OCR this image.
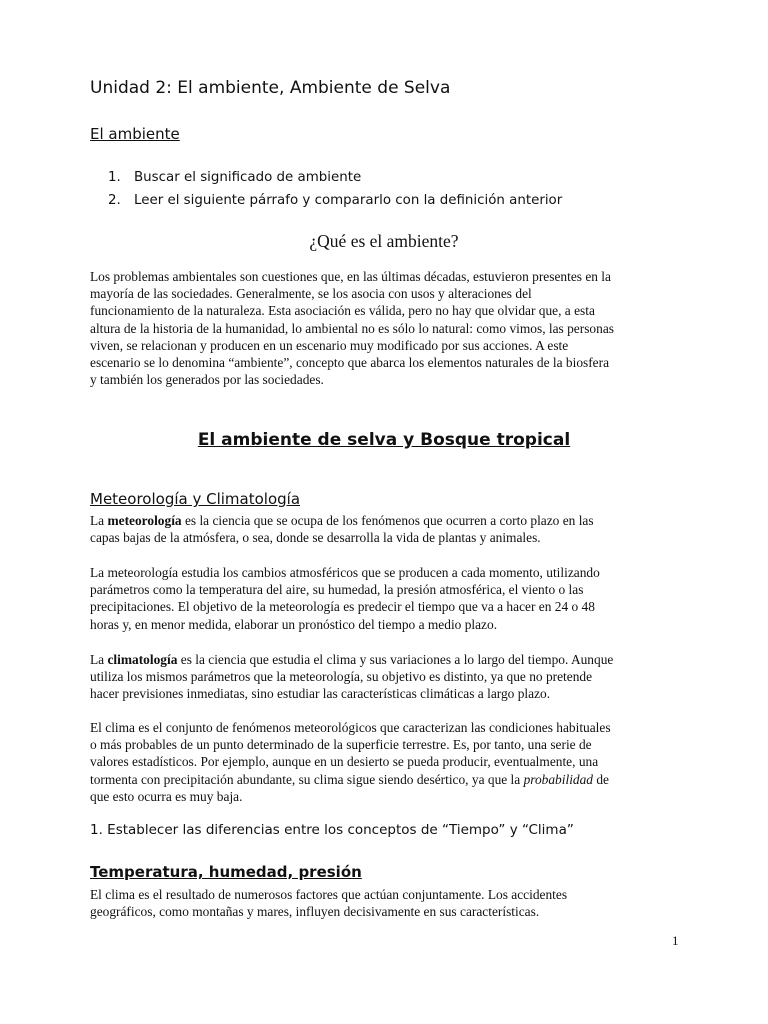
Unidad 2: El ambiente, Ambiente de Selva
El ambiente
1. Buscar el significado de ambiente
2. Leer el siguiente párrafo y compararlo con la definición anterior
¿Qué es el ambiente?

Los problemas ambientales son cuestiones que, en las últimas décadas, estuvieron presentes en la

mayoría de las sociedades. Generalmente, se los asocia con usos y alteraciones del

funcionamiento de la naturaleza. Esta asociación es válida, pero no hay que olvidar que, a esta

altura de la historia de la humanidad, lo ambiental no es sólo lo natural: como vimos, las personas

viven, se relacionan y producen en un escenario muy modificado por sus acciones. A este

escenario se lo denomina “ambiente”, concepto que abarca los elementos naturales de la biosfera

y también los generados por las sociedades.

El ambiente de selva y Bosque tropical
Meteorología y Climatología

La meteorología es la ciencia que se ocupa de los fenómenos que ocurren a corto plazo en las

capas bajas de la atmósfera, o sea, donde se desarrolla la vida de plantas y animales.

La meteorología estudia los cambios atmosféricos que se producen a cada momento, utilizando

parámetros como la temperatura del aire, su humedad, la presión atmosférica, el viento o las

precipitaciones. El objetivo de la meteorología es predecir el tiempo que va a hacer en 24 o 48

horas y, en menor medida, elaborar un pronóstico del tiempo a medio plazo.

La climatología es la ciencia que estudia el clima y sus variaciones a lo largo del tiempo. Aunque

utiliza los mismos parámetros que la meteorología, su objetivo es distinto, ya que no pretende

hacer previsiones inmediatas, sino estudiar las características climáticas a largo plazo.

El clima es el conjunto de fenómenos meteorológicos que caracterizan las condiciones habituales

o más probables de un punto determinado de la superficie terrestre. Es, por tanto, una serie de

valores estadísticos. Por ejemplo, aunque en un desierto se pueda producir, eventualmente, una

tormenta con precipitación abundante, su clima sigue siendo desértico, ya que la probabilidad de

que esto ocurra es muy baja.

1. Establecer las diferencias entre los conceptos de “Tiempo” y “Clima”

Temperatura, humedad, presión

El clima es el resultado de numerosos factores que actúan conjuntamente. Los accidentes

geográficos, como montañas y mares, influyen decisivamente en sus características.

1
